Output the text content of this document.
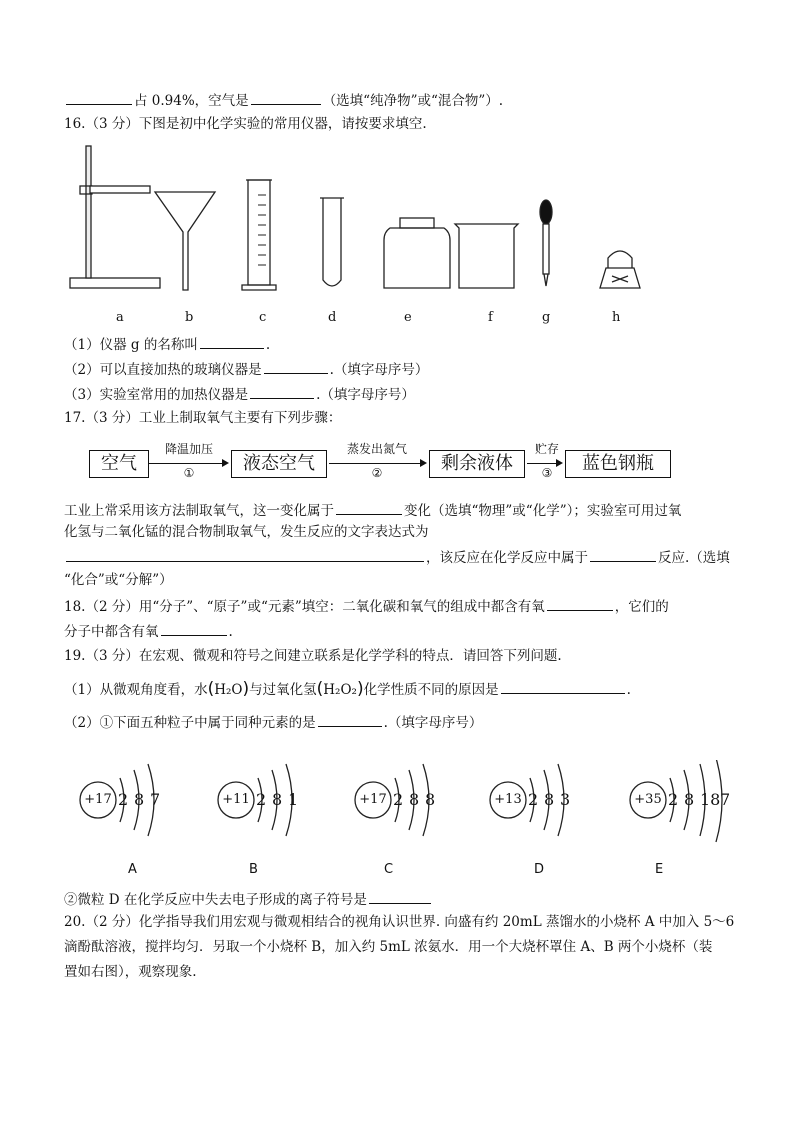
占 0.94%，空气是	（选填“纯净物”或“混合物”）.
16.（3 分）下图是初中化学实验的常用仪器，请按要求填空.
a	b	c	d	e	f	g	h
（1）仪器 g 的名称叫	.
（2）可以直接加热的玻璃仪器是	.（填字母序号）
（3）实验室常用的加热仪器是	.（填字母序号）
17.（3 分）工业上制取氧气主要有下列步骤：
空气
降温加压
①	液态空气
蒸发出氮气
②	剩余液体
贮存
③	蓝色钢瓶
工业上常采用该方法制取氧气，这一变化属于	变化（选填“物理”或“化学”）；实验室可用过氧
化氢与二氧化锰的混合物制取氧气，发生反应的文字表达式为
，该反应在化学反应中属于	反应.（选填
“化合”或“分解”）
18.（2 分）用“分子”、“原子”或“元素”填空：二氧化碳和氧气的组成中都含有氧	，它们的
分子中都含有氧	.
19.（3 分）在宏观、微观和符号之间建立联系是化学学科的特点．请回答下列问题.
（1）从微观角度看，水(H₂O)与过氧化氢(H₂O₂)化学性质不同的原因是	.
（2）①下面五种粒子中属于同种元素的是	.（填字母序号）
+17	+11	+17	+13	+35
2 8 7	2 8 1	2 8 8	2 8 3	2 8 18 7
A	B	C	D	E
②微粒 D 在化学反应中失去电子形成的离子符号是
20.（2 分）化学指导我们用宏观与微观相结合的视角认识世界. 向盛有约 20mL 蒸馏水的小烧杯 A 中加入 5～6
滴酚酞溶液，搅拌均匀．另取一个小烧杯 B，加入约 5mL 浓氨水．用一个大烧杯罩住 A、B 两个小烧杯（装
置如右图），观察现象.
